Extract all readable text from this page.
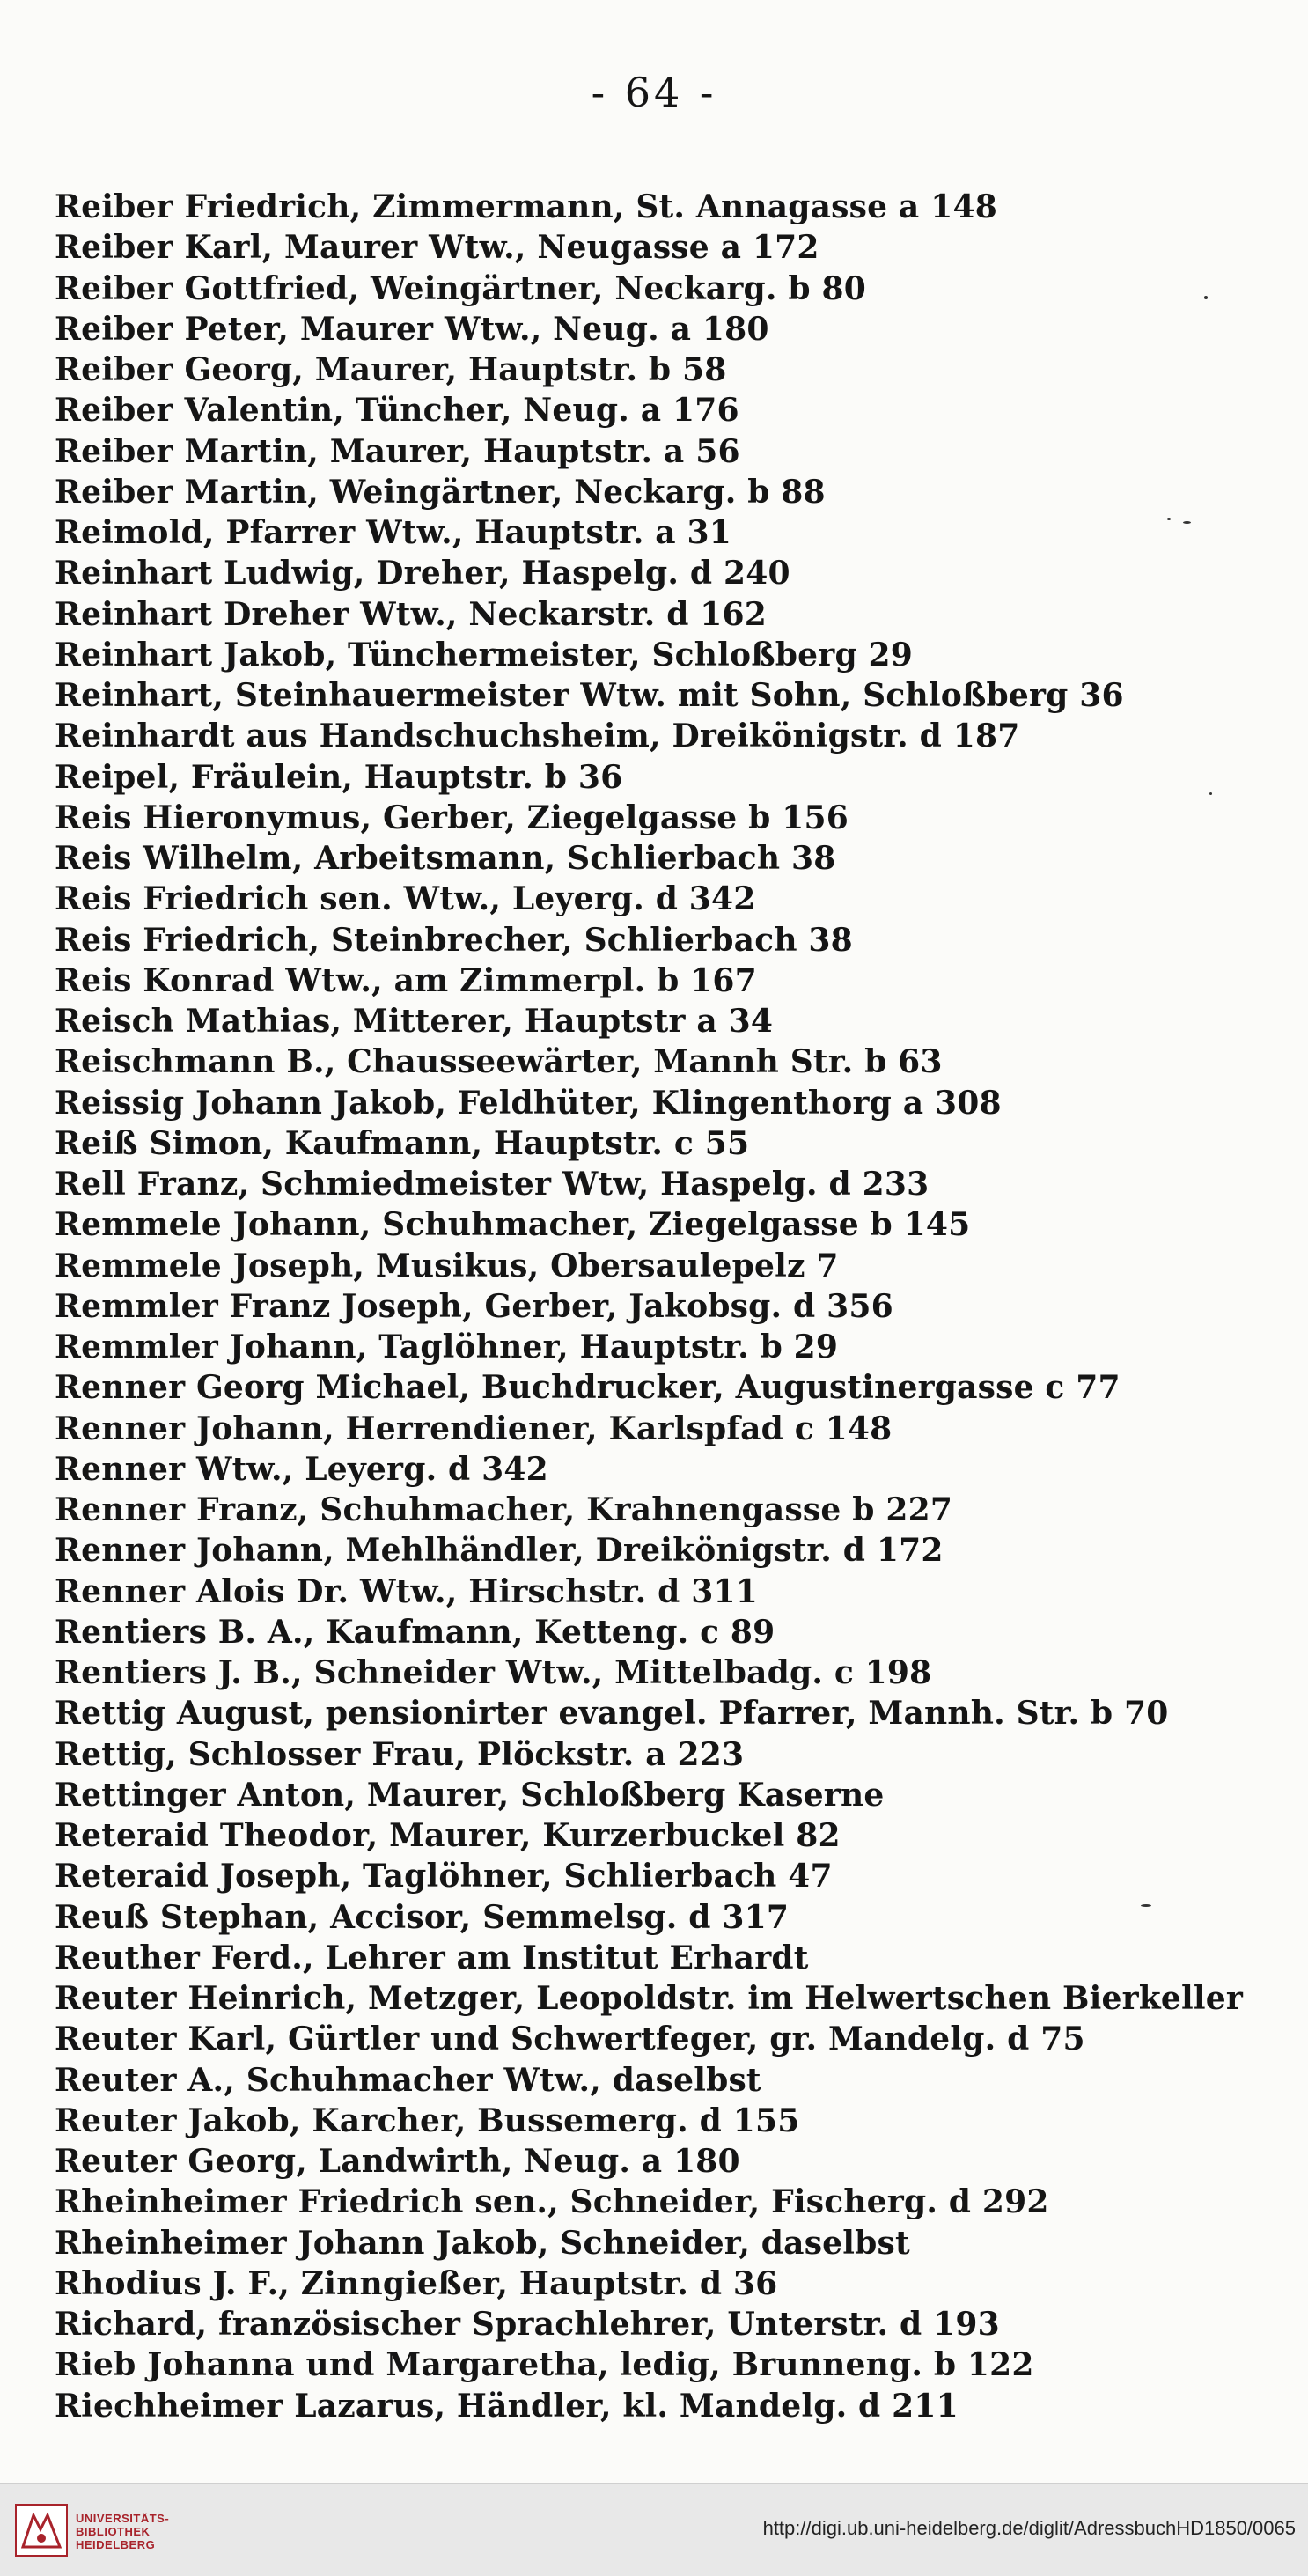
- 64 -
Reiber Friedrich, Zimmermann, St. Annagasse a 148
Reiber Karl, Maurer Wtw., Neugasse a 172
Reiber Gottfried, Weingärtner, Neckarg. b 80
Reiber Peter, Maurer Wtw., Neug. a 180
Reiber Georg, Maurer, Hauptstr. b 58
Reiber Valentin, Tüncher, Neug. a 176
Reiber Martin, Maurer, Hauptstr. a 56
Reiber Martin, Weingärtner, Neckarg. b 88
Reimold, Pfarrer Wtw., Hauptstr. a 31
Reinhart Ludwig, Dreher, Haspelg. d 240
Reinhart Dreher Wtw., Neckarstr. d 162
Reinhart Jakob, Tünchermeister, Schloßberg 29
Reinhart, Steinhauermeister Wtw. mit Sohn, Schloßberg 36
Reinhardt aus Handschuchsheim, Dreikönigstr. d 187
Reipel, Fräulein, Hauptstr. b 36
Reis Hieronymus, Gerber, Ziegelgasse b 156
Reis Wilhelm, Arbeitsmann, Schlierbach 38
Reis Friedrich sen. Wtw., Leyerg. d 342
Reis Friedrich, Steinbrecher, Schlierbach 38
Reis Konrad Wtw., am Zimmerpl. b 167
Reisch Mathias, Mitterer, Hauptstr a 34
Reischmann B., Chausseewärter, Mannh Str. b 63
Reissig Johann Jakob, Feldhüter, Klingenthorg a 308
Reiß Simon, Kaufmann, Hauptstr. c 55
Rell Franz, Schmiedmeister Wtw, Haspelg. d 233
Remmele Johann, Schuhmacher, Ziegelgasse b 145
Remmele Joseph, Musikus, Obersaulepelz 7
Remmler Franz Joseph, Gerber, Jakobsg. d 356
Remmler Johann, Taglöhner, Hauptstr. b 29
Renner Georg Michael, Buchdrucker, Augustinergasse c 77
Renner Johann, Herrendiener, Karlspfad c 148
Renner Wtw., Leyerg. d 342
Renner Franz, Schuhmacher, Krahnengasse b 227
Renner Johann, Mehlhändler, Dreikönigstr. d 172
Renner Alois Dr. Wtw., Hirschstr. d 311
Rentiers B. A., Kaufmann, Ketteng. c 89
Rentiers J. B., Schneider Wtw., Mittelbadg. c 198
Rettig August, pensionirter evangel. Pfarrer, Mannh. Str. b 70
Rettig, Schlosser Frau, Plöckstr. a 223
Rettinger Anton, Maurer, Schloßberg Kaserne
Reteraid Theodor, Maurer, Kurzerbuckel 82
Reteraid Joseph, Taglöhner, Schlierbach 47
Reuß Stephan, Accisor, Semmelsg. d 317
Reuther Ferd., Lehrer am Institut Erhardt
Reuter Heinrich, Metzger, Leopoldstr. im Helwertschen Bierkeller
Reuter Karl, Gürtler und Schwertfeger, gr. Mandelg. d 75
Reuter A., Schuhmacher Wtw., daselbst
Reuter Jakob, Karcher, Bussemerg. d 155
Reuter Georg, Landwirth, Neug. a 180
Rheinheimer Friedrich sen., Schneider, Fischerg. d 292
Rheinheimer Johann Jakob, Schneider, daselbst
Rhodius J. F., Zinngießer, Hauptstr. d 36
Richard, französischer Sprachlehrer, Unterstr. d 193
Rieb Johanna und Margaretha, ledig, Brunneng. b 122
Riechheimer Lazarus, Händler, kl. Mandelg. d 211
UNIVERSITÄTS-
BIBLIOTHEK
HEIDELBERG
http://digi.ub.uni-heidelberg.de/diglit/AdressbuchHD1850/0065
